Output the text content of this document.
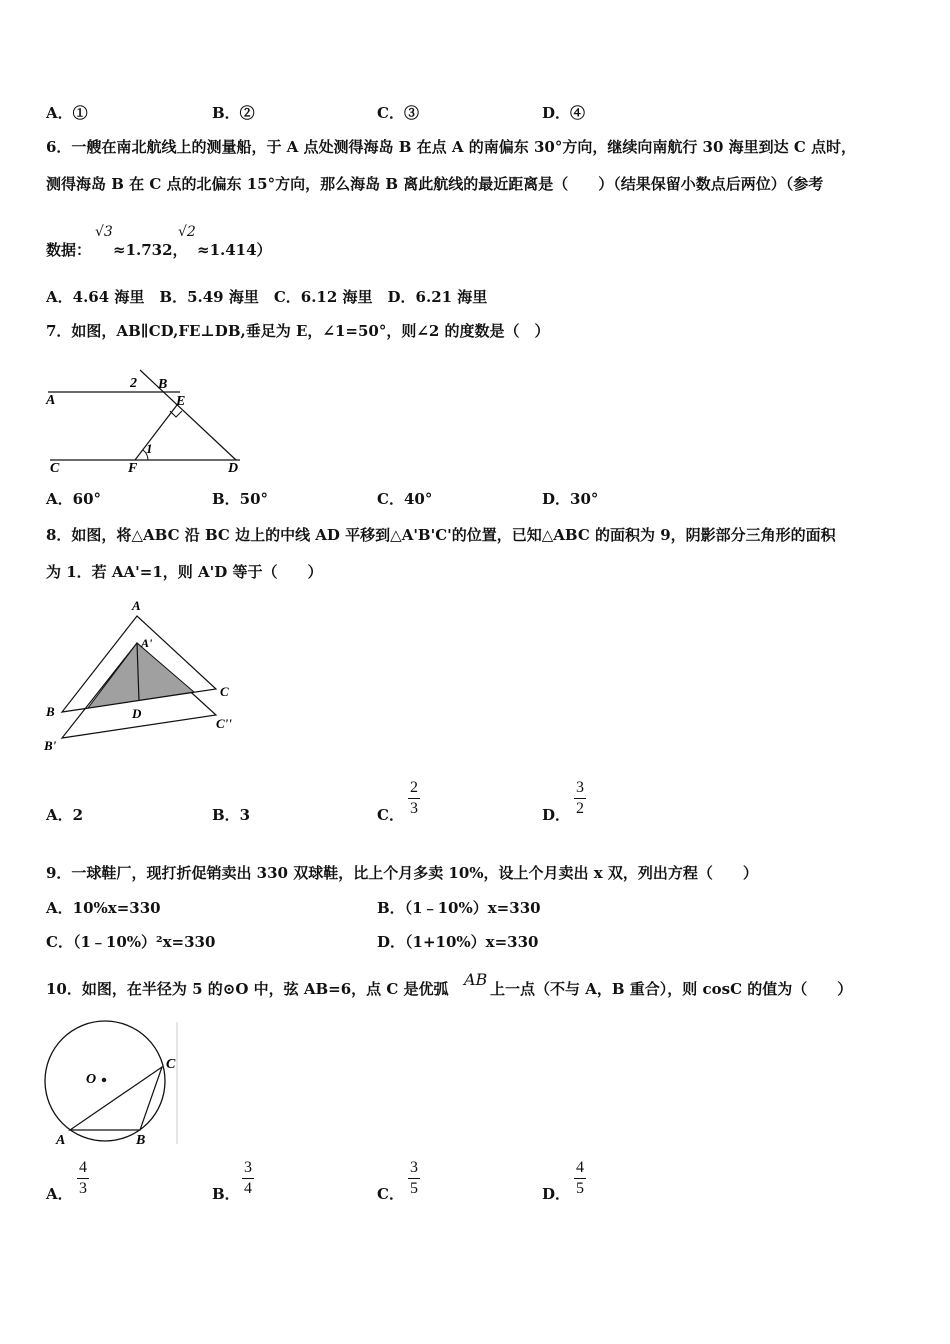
A．①	B．②	C．③	D．④
6．一艘在南北航线上的测量船，于 A 点处测得海岛 B 在点 A 的南偏东 30°方向，继续向南航行 30 海里到达 C 点时，
测得海岛 B 在 C 点的北偏东 15°方向，那么海岛 B 离此航线的最近距离是（　　）（结果保留小数点后两位）（参考
数据：
√3
≈1.732，
√2
≈1.414）
A．4.64 海里　B．5.49 海里　C．6.12 海里　D．6.21 海里
7．如图，AB∥CD,FE⊥DB,垂足为 E，∠1=50°，则∠2 的度数是（　）
A
B
2
E
1
C	F	D
A．60°	B．50°	C．40°	D．30°
8．如图，将△ABC 沿 BC 边上的中线 AD 平移到△A'B'C'的位置，已知△ABC 的面积为 9，阴影部分三角形的面积
为 1．若 AA'=1，则 A'D 等于（　　）
A
A'
B
B'
D
C
C''
A．2	B．3	C．
2
3	D．
3
2
9．一球鞋厂，现打折促销卖出 330 双球鞋，比上个月多卖 10%，设上个月卖出 x 双，列出方程（　　）
A．10%x=330	B．（1﹣10%）x=330
C．（1﹣10%）²x=330	D．（1+10%）x=330
10．如图，在半径为 5 的⊙O 中，弦 AB=6，点 C 是优弧 AB 上一点（不与 A，B 重合），则 cosC 的值为（　　）
O
A	B
C
A．
4
3	B．
3
4	C．
3
5	D．
4
5
